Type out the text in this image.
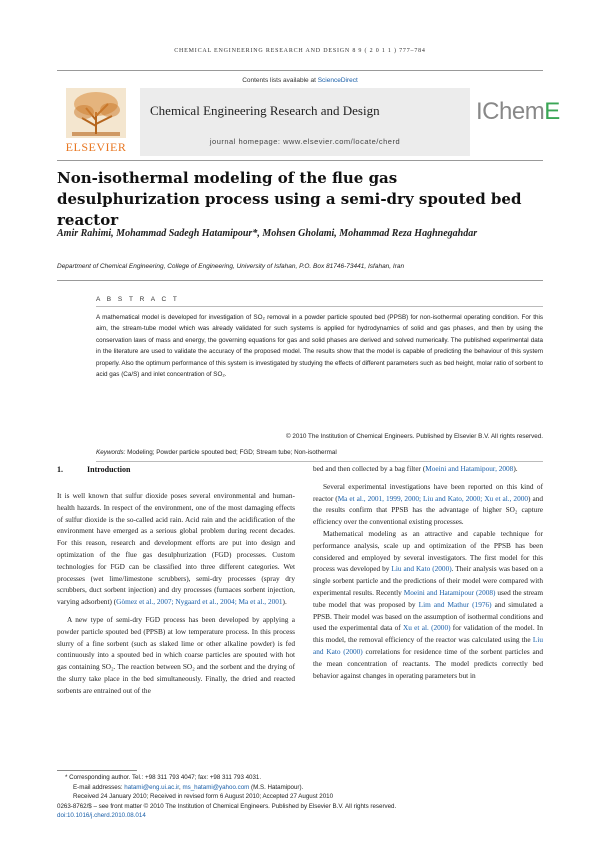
CHEMICAL ENGINEERING RESEARCH AND DESIGN 8 9 ( 2 0 1 1 ) 777–784
Contents lists available at ScienceDirect
ELSEVIER
Chemical Engineering Research and Design
journal homepage: www.elsevier.com/locate/cherd
IChemE
Non-isothermal modeling of the flue gas desulphurization process using a semi-dry spouted bed reactor
Amir Rahimi, Mohammad Sadegh Hatamipour*, Mohsen Gholami, Mohammad Reza Haghnegahdar
Department of Chemical Engineering, College of Engineering, University of Isfahan, P.O. Box 81746-73441, Isfahan, Iran
A B S T R A C T
A mathematical model is developed for investigation of SO₂ removal in a powder particle spouted bed (PPSB) for non-isothermal operating condition. For this aim, the stream-tube model which was already validated for such systems is applied for hydrodynamics of solid and gas phases, and then by using the conservation laws of mass and energy, the governing equations for gas and solid phases are derived and solved numerically. The published experimental data in the literature are used to validate the accuracy of the proposed model. The results show that the model is capable of predicting the behaviour of this system properly. Also the optimum performance of this system is investigated by studying the effects of different parameters such as bed height, molar ratio of sorbent to acid gas (Ca/S) and inlet concentration of SO₂.
© 2010 The Institution of Chemical Engineers. Published by Elsevier B.V. All rights reserved.
Keywords: Modeling; Powder particle spouted bed; FGD; Stream tube; Non-isothermal
1.	Introduction

It is well known that sulfur dioxide poses several environmental and human-health hazards. In respect of the environment, one of the most damaging effects of sulfur dioxide is the so-called acid rain. Acid rain and the acidification of the environment have emerged as a serious global problem during recent decades. For this reason, research and development efforts are put into design and optimization of the flue gas desulphurization (FGD) processes. Custom technologies for FGD can be classified into three different categories. Wet processes (wet lime/limestone scrubbers), semi-dry processes (spray dry scrubbers, duct sorbent injection) and dry processes (furnaces sorbent injection, varying adsorbent) (Gòmez et al., 2007; Nygaard et al., 2004; Ma et al., 2001).

A new type of semi-dry FGD process has been developed by applying a powder particle spouted bed (PPSB) at low temperature process. In this process slurry of a fine sorbent (such as slaked lime or other alkaline powder) is fed continuously into a spouted bed in which coarse particles are spouted with hot gas containing SO₂. The reaction between SO₂ and the sorbent and the drying of the slurry take place in the bed simultaneously. Finally, the dried and reacted sorbents are entrained out of the

bed and then collected by a bag filter (Moeini and Hatamipour, 2008).

Several experimental investigations have been reported on this kind of reactor (Ma et al., 2001, 1999, 2000; Liu and Kato, 2000; Xu et al., 2000) and the results confirm that PPSB has the advantage of higher SO₂ capture efficiency over the conventional existing processes.

Mathematical modeling as an attractive and capable technique for performance analysis, scale up and optimization of the PPSB has been considered and employed by several investigators. The first model for this process was developed by Liu and Kato (2000). Their analysis was based on a single sorbent particle and the predictions of their model were compared with experimental results. Recently Moeini and Hatamipour (2008) used the stream tube model that was proposed by Lim and Mathur (1976) and simulated a PPSB. Their model was based on the assumption of isothermal conditions and used the experimental data of Xu et al. (2000) for validation of the model. In this model, the removal efficiency of the reactor was calculated using the Liu and Kato (2000) correlations for residence time of the sorbent particles and the mean concentration of reactants. The model predicts correctly bed behavior against changes in operating parameters but in

* Corresponding author. Tel.: +98 311 793 4047; fax: +98 311 793 4031.

E-mail addresses: hatami@eng.ui.ac.ir, ms_hatami@yahoo.com (M.S. Hatamipour).

Received 24 January 2010; Received in revised form 6 August 2010; Accepted 27 August 2010

0263-8762/$ – see front matter © 2010 The Institution of Chemical Engineers. Published by Elsevier B.V. All rights reserved.

doi:10.1016/j.cherd.2010.08.014
